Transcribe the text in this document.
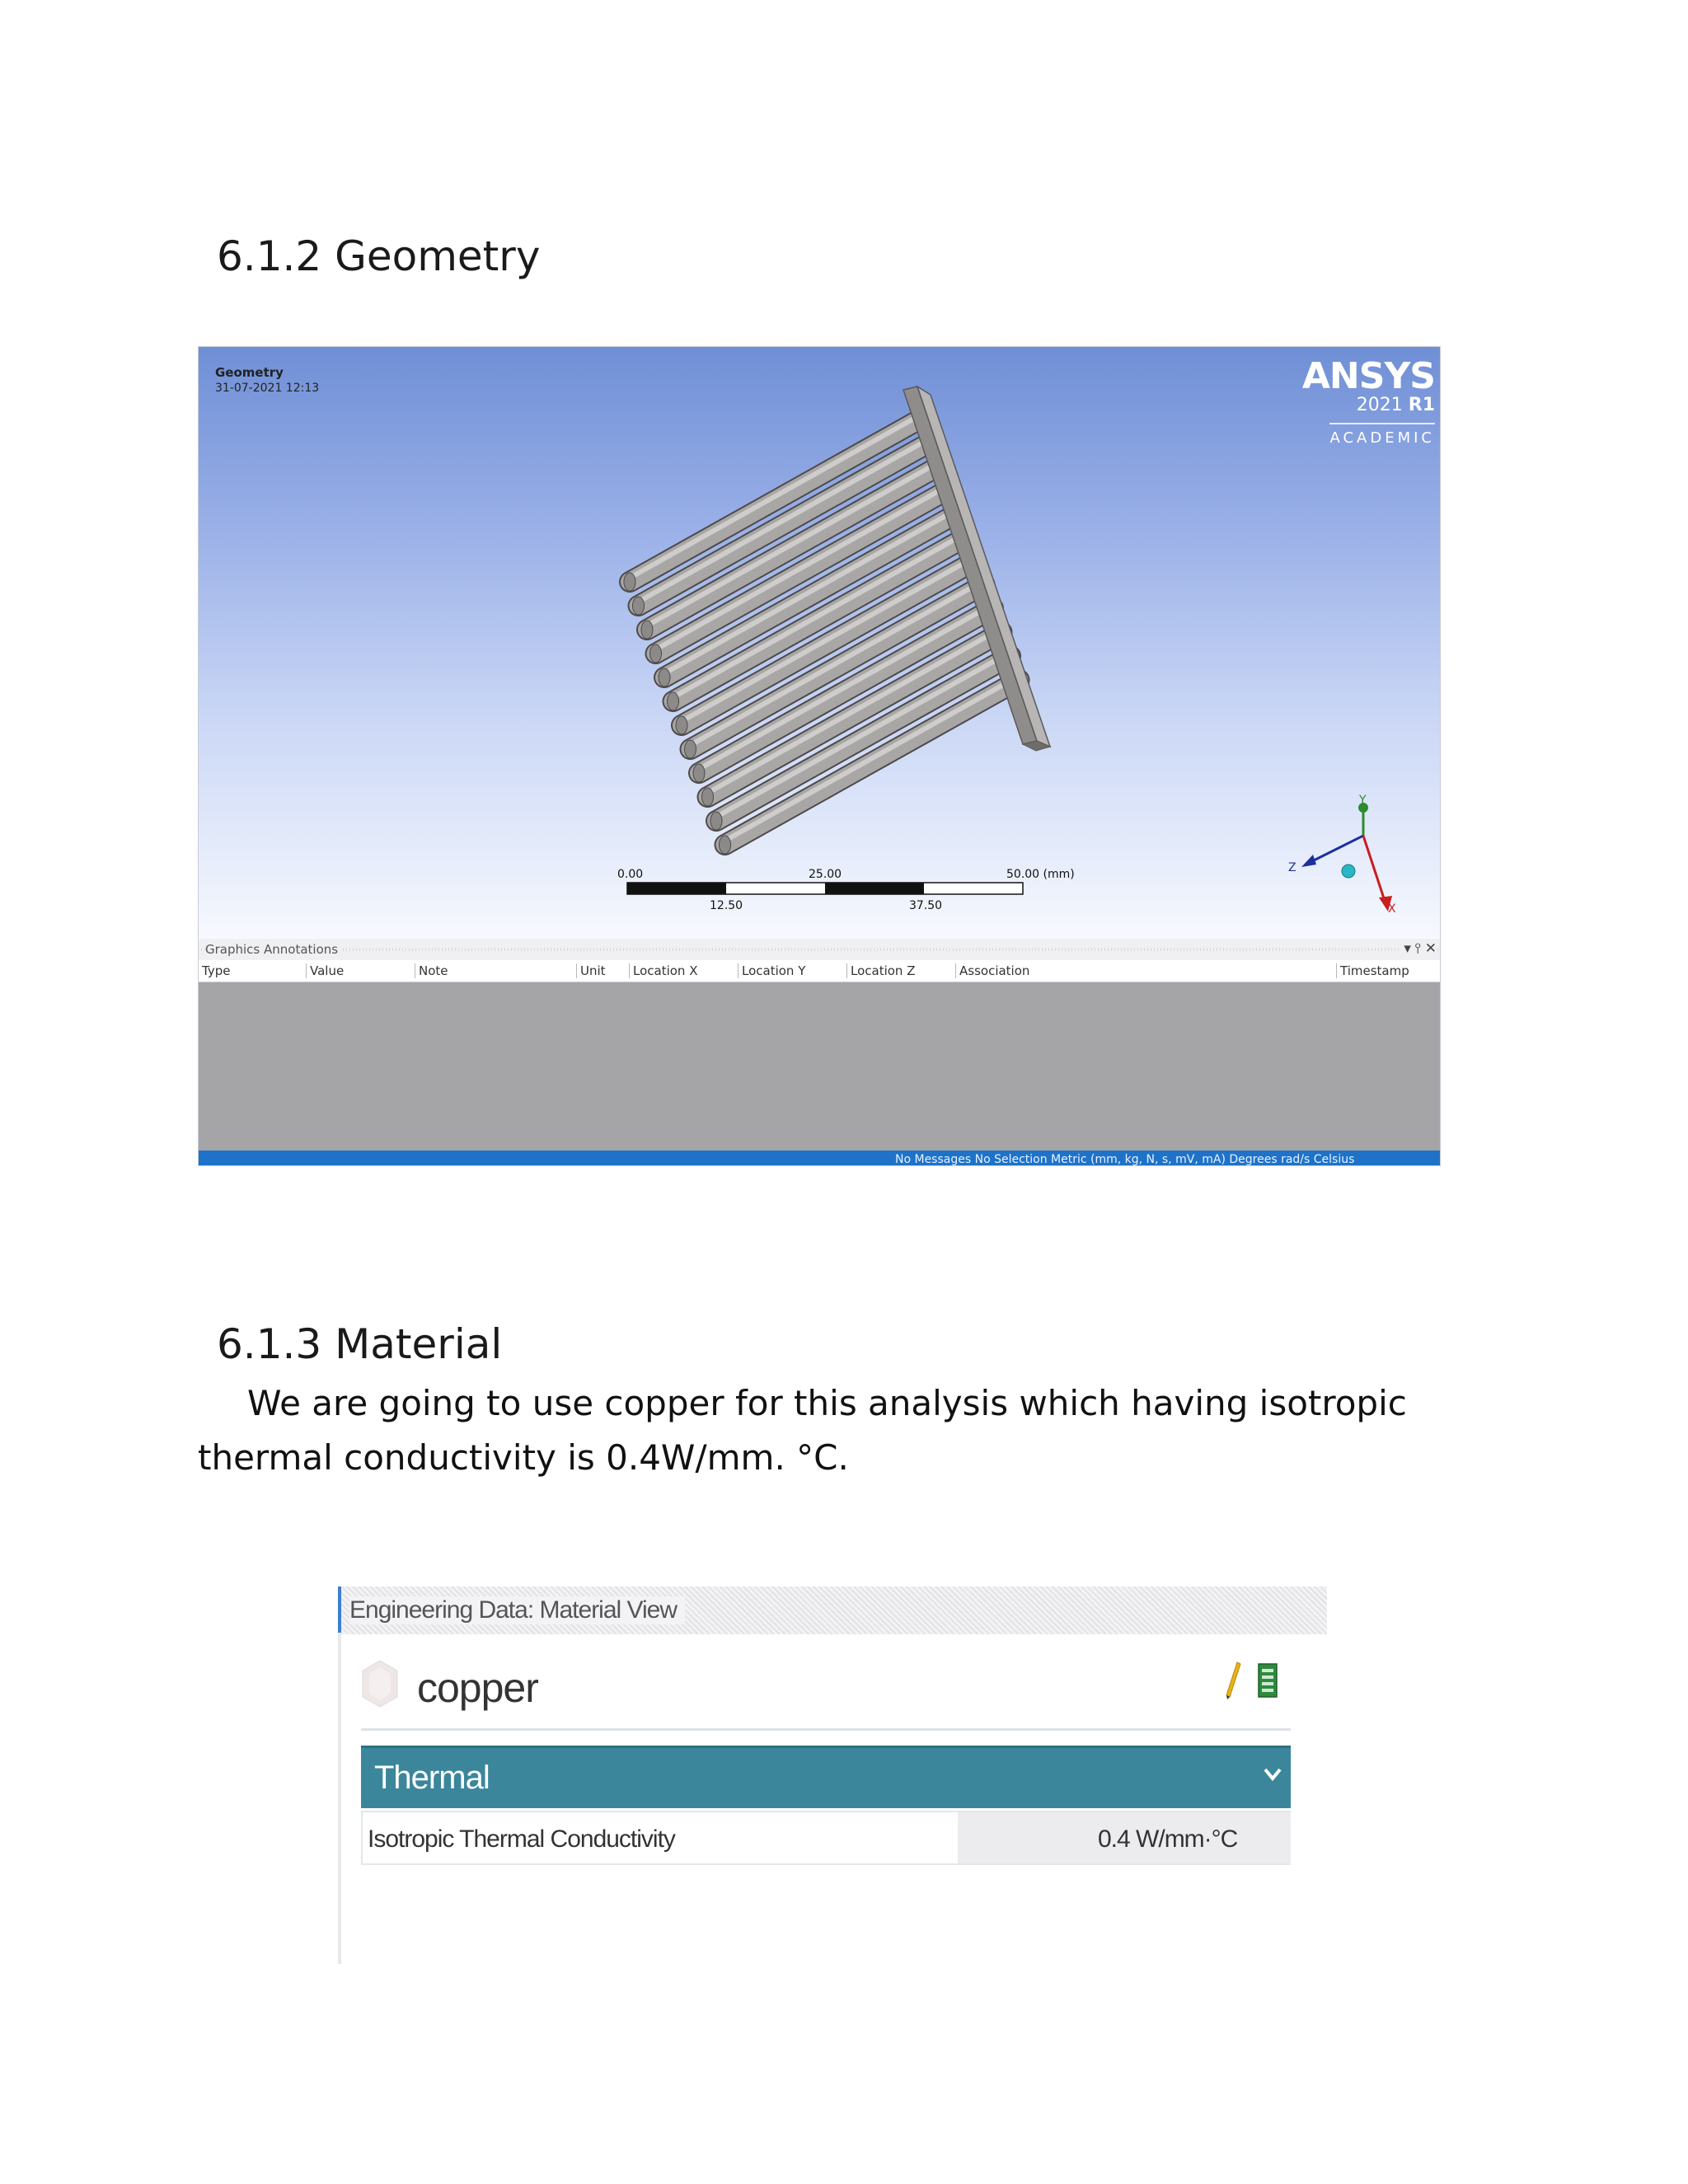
6.1.2 Geometry
Geometry
31-07-2021 12:13	ANSYS
2021 R1
ACADEMIC
0.00	25.00	50.00 (mm)
12.50	37.50
Y
Z
X
Graphics Annotations	▾ ⫯ ✕
Type	Value	Note	Unit	Location X	Location Y	Location Z	Association	Timestamp
No Messages No Selection Metric (mm, kg, N, s, mV, mA) Degrees rad/s Celsius
6.1.3 Material

We are going to use copper for this analysis which having isotropic thermal conductivity is 0.4W/mm. °C.

Engineering Data: Material View
copper
Thermal
Isotropic Thermal Conductivity	0.4 W/mm·°C
